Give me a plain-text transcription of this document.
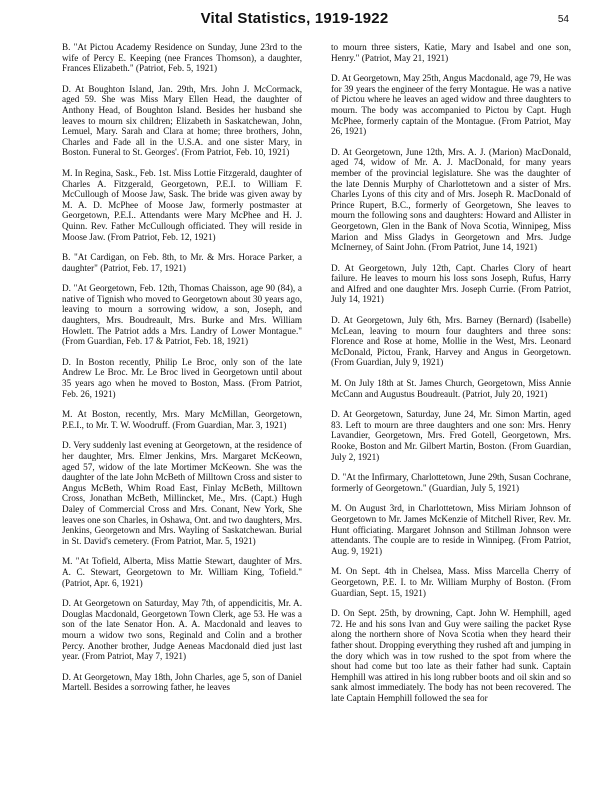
Vital Statistics, 1919-1922	54
B. "At Pictou Academy Residence on Sunday, June 23rd to the wife of Percy E. Keeping (nee Frances Thomson), a daughter, Frances Elizabeth." (Patriot, Feb. 5, 1921)
D. At Boughton Island, Jan. 29th, Mrs. John J. McCormack, aged 59. She was Miss Mary Ellen Head, the daughter of Anthony Head, of Boughton Island. Besides her husband she leaves to mourn six children; Elizabeth in Saskatchewan, John, Lemuel, Mary. Sarah and Clara at home; three brothers, John, Charles and Fade all in the U.S.A. and one sister Mary, in Boston. Funeral to St. Georges'. (From Patriot, Feb. 10, 1921)
M. In Regina, Sask., Feb. 1st. Miss Lottie Fitzgerald, daughter of Charles A. Fitzgerald, Georgetown, P.E.I. to William F. McCullough of Moose Jaw, Sask. The bride was given away by M. A. D. McPhee of Moose Jaw, formerly postmaster at Georgetown, P.E.I.. Attendants were Mary McPhee and H. J. Quinn. Rev. Father McCullough officiated. They will reside in Moose Jaw. (From Patriot, Feb. 12, 1921)
B. "At Cardigan, on Feb. 8th, to Mr. & Mrs. Horace Parker, a daughter" (Patriot, Feb. 17, 1921)
D. "At Georgetown, Feb. 12th, Thomas Chaisson, age 90 (84), a native of Tignish who moved to Georgetown about 30 years ago, leaving to mourn a sorrowing widow, a son, Joseph, and daughters, Mrs. Boudreault, Mrs. Burke and Mrs. William Howlett. The Patriot adds a Mrs. Landry of Lower Montague." (From Guardian, Feb. 17 & Patriot, Feb. 18, 1921)
D. In Boston recently, Philip Le Broc, only son of the late Andrew Le Broc. Mr. Le Broc lived in Georgetown until about 35 years ago when he moved to Boston, Mass. (From Patriot, Feb. 26, 1921)
M. At Boston, recently, Mrs. Mary McMillan, Georgetown, P.E.I., to Mr. T. W. Woodruff. (From Guardian, Mar. 3, 1921)
D. Very suddenly last evening at Georgetown, at the residence of her daughter, Mrs. Elmer Jenkins, Mrs. Margaret McKeown, aged 57, widow of the late Mortimer McKeown. She was the daughter of the late John McBeth of Milltown Cross and sister to Angus McBeth, Whim Road East, Finlay McBeth, Milltown Cross, Jonathan McBeth, Millincket, Me., Mrs. (Capt.) Hugh Daley of Commercial Cross and Mrs. Conant, New York, She leaves one son Charles, in Oshawa, Ont. and two daughters, Mrs. Jenkins, Georgetown and Mrs. Wayling of Saskatchewan. Burial in St. David's cemetery. (From Patriot, Mar. 5, 1921)
M. "At Tofield, Alberta, Miss Mattie Stewart, daughter of Mrs. A. C. Stewart, Georgetown to Mr. William King, Tofield." (Patriot, Apr. 6, 1921)
D. At Georgetown on Saturday, May 7th, of appendicitis, Mr. A. Douglas Macdonald, Georgetown Town Clerk, age 53. He was a son of the late Senator Hon. A. A. Macdonald and leaves to mourn a widow two sons, Reginald and Colin and a brother Percy. Another brother, Judge Aeneas Macdonald died just last year. (From Patriot, May 7, 1921)
D. At Georgetown, May 18th, John Charles, age 5, son of Daniel Martell. Besides a sorrowing father, he leaves
to mourn three sisters, Katie, Mary and Isabel and one son, Henry." (Patriot, May 21, 1921)
D. At Georgetown, May 25th, Angus Macdonald, age 79, He was for 39 years the engineer of the ferry Montague. He was a native of Pictou where he leaves an aged widow and three daughters to mourn. The body was accompanied to Pictou by Capt. Hugh McPhee, formerly captain of the Montague. (From Patriot, May 26, 1921)
D. At Georgetown, June 12th, Mrs. A. J. (Marion) MacDonald, aged 74, widow of Mr. A. J. MacDonald, for many years member of the provincial legislature. She was the daughter of the late Dennis Murphy of Charlottetown and a sister of Mrs. Charles Lyons of this city and of Mrs. Joseph R. MacDonald of Prince Rupert, B.C., formerly of Georgetown, She leaves to mourn the following sons and daughters: Howard and Allister in Georgetown, Glen in the Bank of Nova Scotia, Winnipeg, Miss Marion and Miss Gladys in Georgetown and Mrs. Judge McInerney, of Saint John. (From Patriot, June 14, 1921)
D. At Georgetown, July 12th, Capt. Charles Clory of heart failure. He leaves to mourn his loss sons Joseph, Rufus, Harry and Alfred and one daughter Mrs. Joseph Currie. (From Patriot, July 14, 1921)
D. At Georgetown, July 6th, Mrs. Barney (Bernard) (Isabelle) McLean, leaving to mourn four daughters and three sons: Florence and Rose at home, Mollie in the West, Mrs. Leonard McDonald, Pictou, Frank, Harvey and Angus in Georgetown. (From Guardian, July 9, 1921)
M. On July 18th at St. James Church, Georgetown, Miss Annie McCann and Augustus Boudreault. (Patriot, July 20, 1921)
D. At Georgetown, Saturday, June 24, Mr. Simon Martin, aged 83. Left to mourn are three daughters and one son: Mrs. Henry Lavandier, Georgetown, Mrs. Fred Gotell, Georgetown, Mrs. Rooke, Boston and Mr. Gilbert Martin, Boston. (From Guardian, July 2, 1921)
D. "At the Infirmary, Charlottetown, June 29th, Susan Cochrane, formerly of Georgetown." (Guardian, July 5, 1921)
M. On August 3rd, in Charlottetown, Miss Miriam Johnson of Georgetown to Mr. James McKenzie of Mitchell River, Rev. Mr. Hunt officiating. Margaret Johnson and Stillman Johnson were attendants. The couple are to reside in Winnipeg. (From Patriot, Aug. 9, 1921)
M. On Sept. 4th in Chelsea, Mass. Miss Marcella Cherry of Georgetown, P.E. I. to Mr. William Murphy of Boston. (From Guardian, Sept. 15, 1921)
D. On Sept. 25th, by drowning, Capt. John W. Hemphill, aged 72. He and his sons Ivan and Guy were sailing the packet Ryse along the northern shore of Nova Scotia when they heard their father shout. Dropping everything they rushed aft and jumping in the dory which was in tow rushed to the spot from where the shout had come but too late as their father had sunk. Captain Hemphill was attired in his long rubber boots and oil skin and so sank almost immediately. The body has not been recovered. The late Captain Hemphill followed the sea for
